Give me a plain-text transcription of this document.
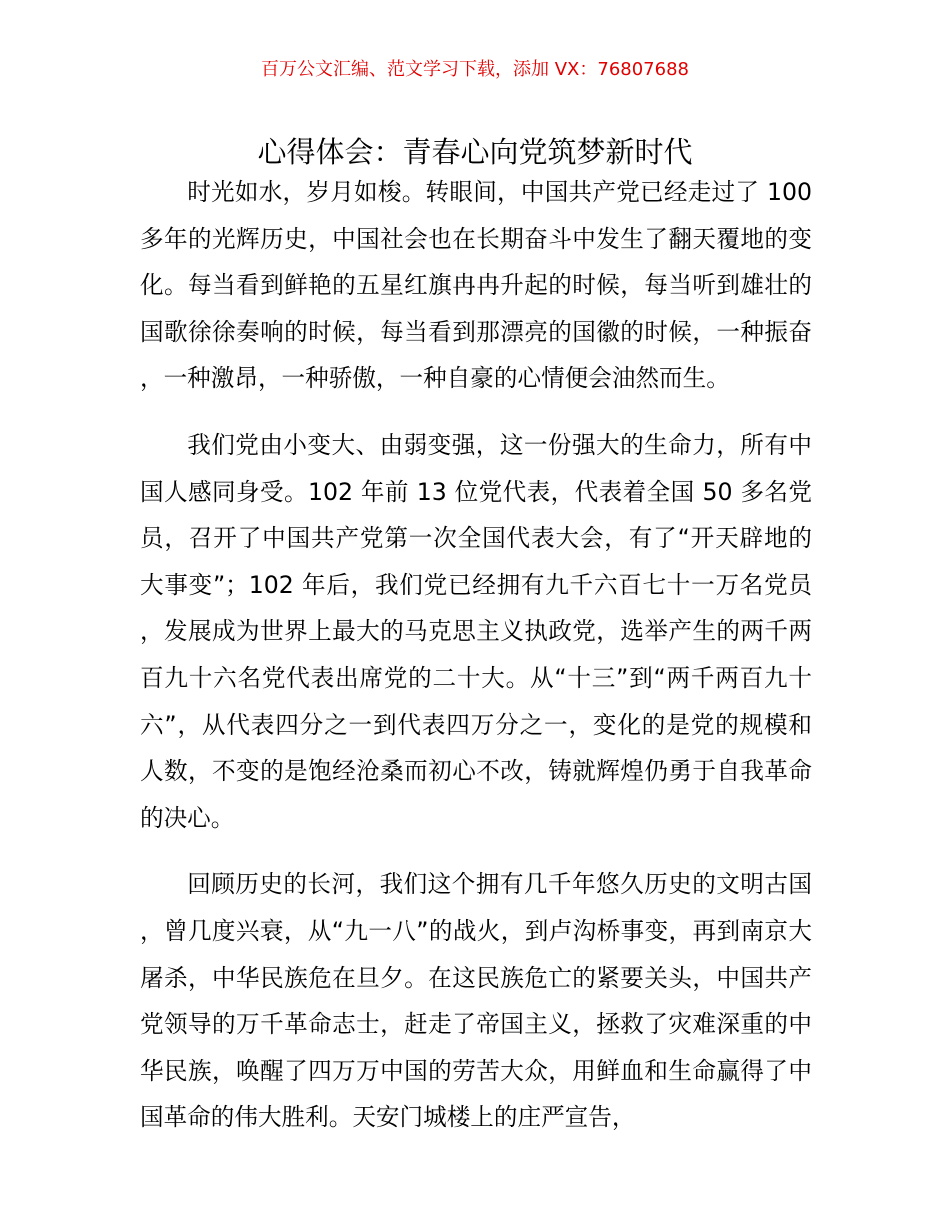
百万公文汇编、范文学习下载，添加 VX：76807688
心得体会：青春心向党筑梦新时代

时光如水，岁月如梭。转眼间，中国共产党已经走过了 100 多年的光辉历史，中国社会也在长期奋斗中发生了翻天覆地的变化。每当看到鲜艳的五星红旗冉冉升起的时候，每当听到雄壮的国歌徐徐奏响的时候，每当看到那漂亮的国徽的时候，一种振奋，一种激昂，一种骄傲，一种自豪的心情便会油然而生。

我们党由小变大、由弱变强，这一份强大的生命力，所有中国人感同身受。102 年前 13 位党代表，代表着全国 50 多名党员，召开了中国共产党第一次全国代表大会，有了“开天辟地的大事变”；102 年后，我们党已经拥有九千六百七十一万名党员，发展成为世界上最大的马克思主义执政党，选举产生的两千两百九十六名党代表出席党的二十大。从“十三”到“两千两百九十六”，从代表四分之一到代表四万分之一，变化的是党的规模和人数，不变的是饱经沧桑而初心不改，铸就辉煌仍勇于自我革命的决心。

回顾历史的长河，我们这个拥有几千年悠久历史的文明古国，曾几度兴衰，从“九一八”的战火，到卢沟桥事变，再到南京大屠杀，中华民族危在旦夕。在这民族危亡的紧要关头，中国共产党领导的万千革命志士，赶走了帝国主义，拯救了灾难深重的中华民族，唤醒了四万万中国的劳苦大众，用鲜血和生命赢得了中国革命的伟大胜利。天安门城楼上的庄严宣告，
